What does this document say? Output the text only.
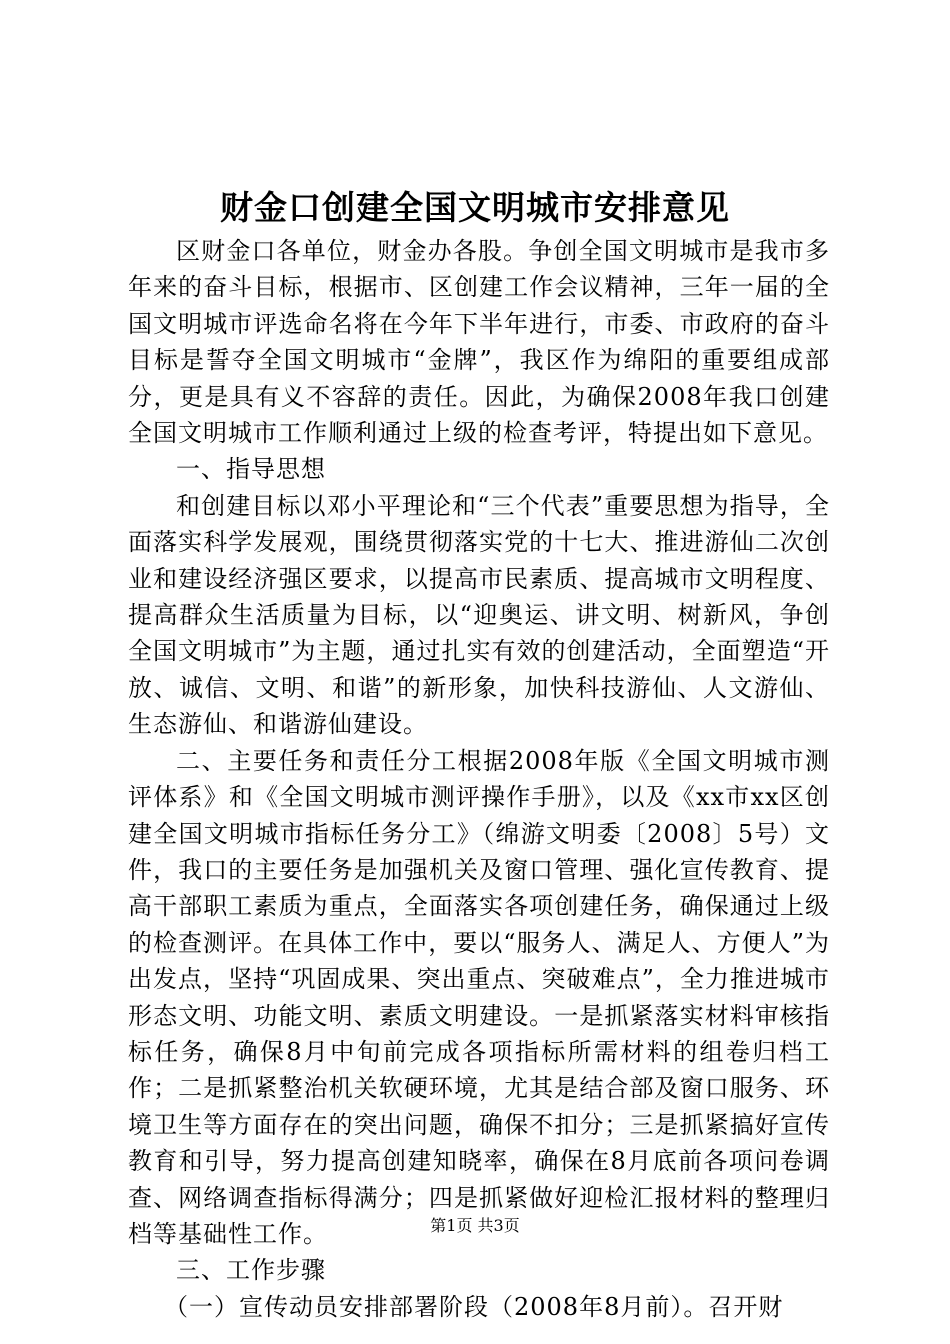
财金口创建全国文明城市安排意见

区财金口各单位，财金办各股。争创全国文明城市是我市多年来的奋斗目标，根据市、区创建工作会议精神，三年一届的全国文明城市评选命名将在今年下半年进行，市委、市政府的奋斗目标是誓夺全国文明城市“金牌”，我区作为绵阳的重要组成部分，更是具有义不容辞的责任。因此，为确保2008年我口创建全国文明城市工作顺利通过上级的检查考评，特提出如下意见。

一、指导思想

和创建目标以邓小平理论和“三个代表”重要思想为指导，全面落实科学发展观，围绕贯彻落实党的十七大、推进游仙二次创业和建设经济强区要求，以提高市民素质、提高城市文明程度、提高群众生活质量为目标，以“迎奥运、讲文明、树新风，争创全国文明城市”为主题，通过扎实有效的创建活动，全面塑造“开放、诚信、文明、和谐”的新形象，加快科技游仙、人文游仙、生态游仙、和谐游仙建设。

二、主要任务和责任分工根据2008年版《全国文明城市测评体系》和《全国文明城市测评操作手册》，以及《xx市xx区创建全国文明城市指标任务分工》（绵游文明委〔2008〕5号）文件，我口的主要任务是加强机关及窗口管理、强化宣传教育、提高干部职工素质为重点，全面落实各项创建任务，确保通过上级的检查测评。在具体工作中，要以“服务人、满足人、方便人”为出发点，坚持“巩固成果、突出重点、突破难点”，全力推进城市形态文明、功能文明、素质文明建设。一是抓紧落实材料审核指标任务，确保8月中旬前完成各项指标所需材料的组卷归档工作；二是抓紧整治机关软硬环境，尤其是结合部及窗口服务、环境卫生等方面存在的突出问题，确保不扣分；三是抓紧搞好宣传教育和引导，努力提高创建知晓率，确保在8月底前各项问卷调查、网络调查指标得满分；四是抓紧做好迎检汇报材料的整理归档等基础性工作。

三、工作步骤

（一）宣传动员安排部署阶段（2008年8月前）。召开财

第1页 共3页
